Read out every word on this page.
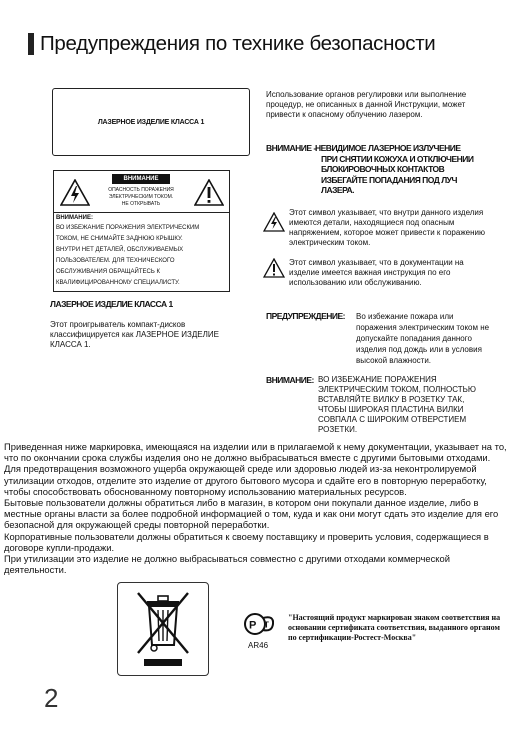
Предупреждения по технике безопасности
ЛАЗЕРНОЕ ИЗДЕЛИЕ КЛАССА 1
ВНИМАНИЕ
ОПАСНОСТЬ ПОРАЖЕНИЯ
ЭЛЕКТРИЧЕСКИМ ТОКОМ.
НЕ ОТКРЫВАТЬ
ВНИМАНИЕ:
ВО ИЗБЕЖАНИЕ ПОРАЖЕНИЯ ЭЛЕКТРИЧЕСКИМ
ТОКОМ, НЕ СНИМАЙТЕ ЗАДНЮЮ КРЫШКУ.
ВНУТРИ НЕТ ДЕТАЛЕЙ, ОБСЛУЖИВАЕМЫХ
ПОЛЬЗОВАТЕЛЕМ. ДЛЯ ТЕХНИЧЕСКОГО
ОБСЛУЖИВАНИЯ ОБРАЩАЙТЕСЬ К
КВАЛИФИЦИРОВАННОМУ СПЕЦИАЛИСТУ.
ЛАЗЕРНОЕ ИЗДЕЛИЕ КЛАССА 1
Этот проигрыватель компакт-дисков
классифицируется как ЛАЗЕРНОЕ ИЗДЕЛИЕ
КЛАССА 1.
Использование органов регулировки или выполнение
процедур, не описанных в данной Инструкции, может
привести к опасному облучению лазером.
ВНИМАНИЕ - НЕВИДИМОЕ ЛАЗЕРНОЕ ИЗЛУЧЕНИЕ
ПРИ СНЯТИИ КОЖУХА И ОТКЛЮЧЕНИИ
БЛОКИРОВОЧНЫХ КОНТАКТОВ
ИЗБЕГАЙТЕ ПОПАДАНИЯ ПОД ЛУЧ
ЛАЗЕРА.
Этот символ указывает, что внутри данного изделия
имеются детали, находящиеся под опасным
напряжением, которое может привести к поражению
электрическим током.
Этот символ указывает, что в документации на
изделие имеется важная инструкция по его
использованию или обслуживанию.
ПРЕДУПРЕЖДЕНИЕ: Во избежание пожара или
поражения электрическим током не
допускайте попадания данного
изделия под дождь или в условия
высокой влажности.
ВНИМАНИЕ: ВО ИЗБЕЖАНИЕ ПОРАЖЕНИЯ
ЭЛЕКТРИЧЕСКИМ ТОКОМ, ПОЛНОСТЬЮ
ВСТАВЛЯЙТЕ ВИЛКУ В РОЗЕТКУ ТАК,
ЧТОБЫ ШИРОКАЯ ПЛАСТИНА ВИЛКИ
СОВПАЛА С ШИРОКИМ ОТВЕРСТИЕМ
РОЗЕТКИ.

Приведенная ниже маркировка, имеющаяся на изделии или в прилагаемой к нему документации, указывает на то,

что по окончании срока службы изделия оно не должно выбрасываться вместе с другими бытовыми отходами.

Для предотвращения возможного ущерба окружающей среде или здоровью людей из-за неконтролируемой

утилизации отходов, отделите это изделие от другого бытового мусора и сдайте его в повторную переработку,

чтобы способствовать обоснованному повторному использованию материальных ресурсов.

Бытовые пользователи должны обратиться либо в магазин, в котором они покупали данное изделие, либо в

местные органы власти за более подробной информацией о том, куда и как они могут сдать это изделие для его

безопасной для окружающей среды повторной переработки.

Корпоративные пользователи должны обратиться к своему поставщику и проверить условия, содержащиеся в

договоре купли-продажи.

При утилизации это изделие не должно выбрасываться совместно с другими отходами коммерческой

деятельности.

P T
AR46
"Настоящий продукт маркирован знаком соответствия на
основании сертификата соответствия, выданного органом
по сертификации-Ростест-Москва"
2
